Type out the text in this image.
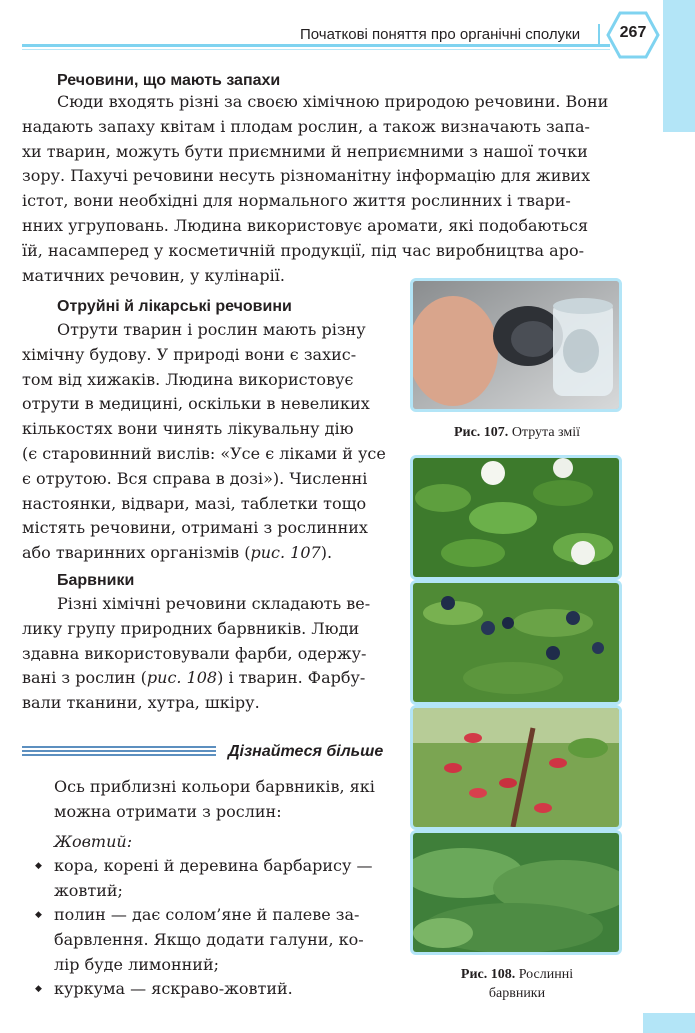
Початкові поняття про органічні сполуки	267
Речовини, що мають запахи
Сюди входять різні за своєю хімічною природою речовини. Вони
надають запаху квітам і плодам рослин, а також визначають запа-
хи тварин, можуть бути приємними й неприємними з нашої точки
зору. Пахучі речовини несуть різноманітну інформацію для живих
істот, вони необхідні для нормального життя рослинних і твари-
нних угруповань. Людина використовує аромати, які подобаються
їй, насамперед у косметичній продукції, під час виробництва аро-
матичних речовин, у кулінарії.
Отруйні й лікарські речовини
Отрути тварин і рослин мають різну
хімічну будову. У природі вони є захис-
том від хижаків. Людина використовує
отрути в медицині, оскільки в невеликих
кількостях вони чинять лікувальну дію
(є старовинний вислів: «Усе є ліками й усе
є отрутою. Вся справа в дозі»). Численні
настоянки, відвари, мазі, таблетки тощо
містять речовини, отримані з рослинних
або тваринних організмів (рис. 107).
Барвники
Різні хімічні речовини складають ве-
лику групу природних барвників. Люди
здавна використовували фарби, одержу-
вані з рослин (рис. 108) і тварин. Фарбу-
вали тканини, хутра, шкіру.
Дізнайтеся більше
Ось приблизні кольори барвників, які
можна отримати з рослин:
Жовтий:
◆ кора, корені й деревина барбарису —
жовтий;
◆ полин — дає солом’яне й палеве за-
барвлення. Якщо додати галуни, ко-
лір буде лимонний;
◆ куркума — яскраво-жовтий.
Рис. 107. Отрута змії
Рис. 108. Рослинні
барвники
